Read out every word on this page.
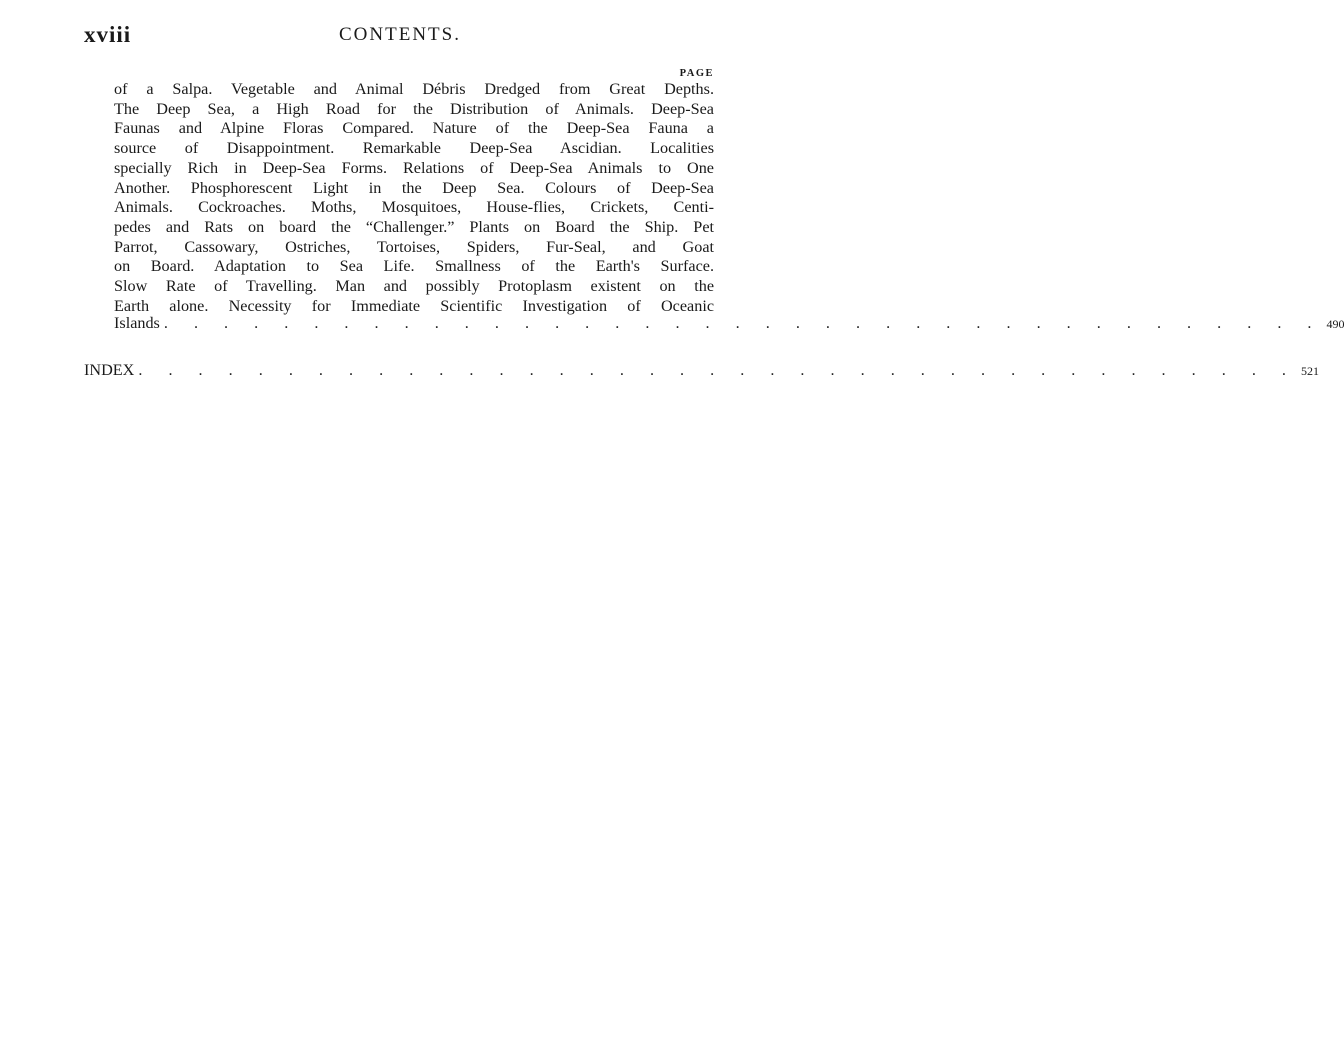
xviii	CONTENTS.
PAGE
of a Salpa. Vegetable and Animal Débris Dredged from Great Depths.
The Deep Sea, a High Road for the Distribution of Animals. Deep-Sea
Faunas and Alpine Floras Compared. Nature of the Deep-Sea Fauna a
source of Disappointment. Remarkable Deep-Sea Ascidian. Localities
specially Rich in Deep-Sea Forms. Relations of Deep-Sea Animals to One
Another. Phosphorescent Light in the Deep Sea. Colours of Deep-Sea
Animals. Cockroaches. Moths, Mosquitoes, House-flies, Crickets, Centi-
pedes and Rats on board the “Challenger.” Plants on Board the Ship. Pet
Parrot, Cassowary, Ostriches, Tortoises, Spiders, Fur-Seal, and Goat
on Board. Adaptation to Sea Life. Smallness of the Earth's Surface.
Slow Rate of Travelling. Man and possibly Protoplasm existent on the
Earth alone. Necessity for Immediate Scientific Investigation of Oceanic
Islands . . . . . . . . . . . . . . . . . . . . . . . . . . . . . . . . . . . . . . . 490
INDEX . . . . . . . . . . . . . . . . . . . . . . . . . . . . . . . . . . . . . . . 521
